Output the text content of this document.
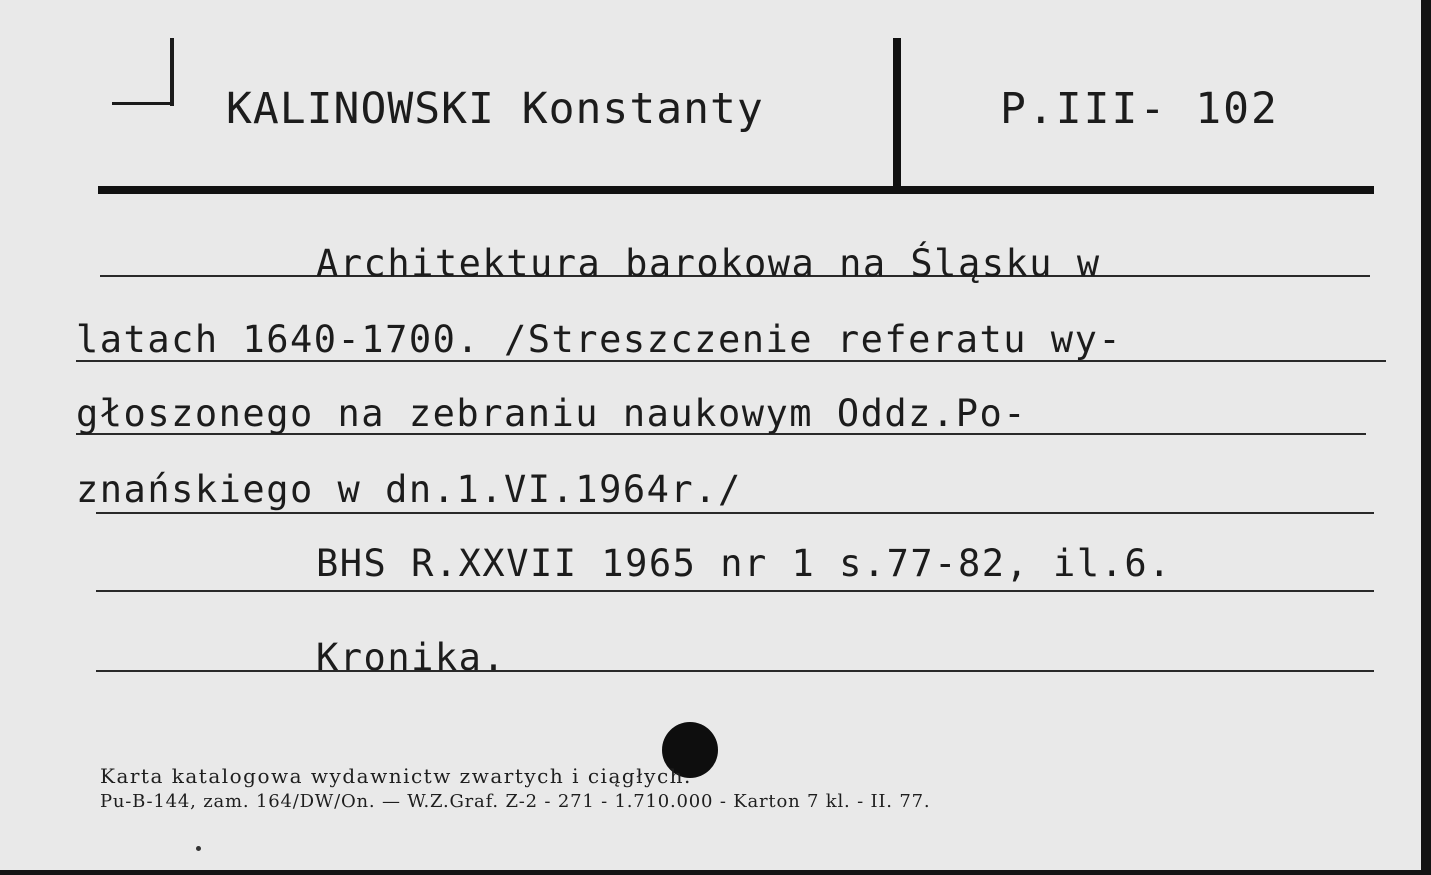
KALINOWSKI Konstanty	P.III- 102
Architektura barokowa na Śląsku w
latach 1640-1700. /Streszczenie referatu wy-
głoszonego na zebraniu naukowym Oddz.Po-
znańskiego w dn.1.VI.1964r./
BHS R.XXVII 1965 nr 1 s.77-82, il.6.
Kronika.
Karta katalogowa wydawnictw zwartych i ciągłych.
Pu-B-144, zam. 164/DW/On. — W.Z.Graf. Z-2 - 271 - 1.710.000 - Karton 7 kl. - II. 77.
